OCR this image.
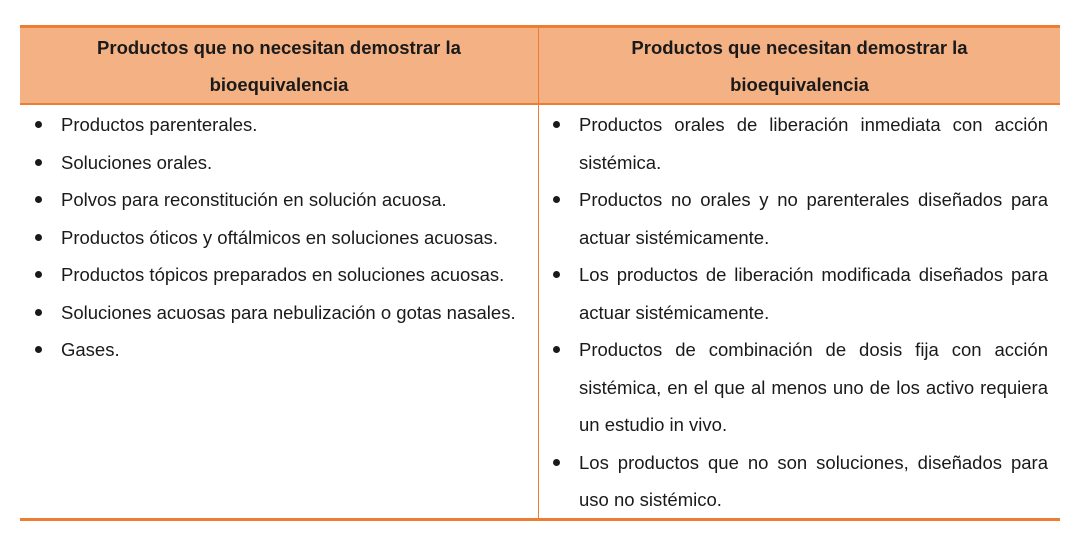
Productos que no necesitan demostrar la bioequivalencia
Productos que necesitan demostrar la bioequivalencia
Productos parenterales.
Soluciones orales.
Polvos para reconstitución en solución acuosa.
Productos óticos y oftálmicos en soluciones acuosas.
Productos tópicos preparados en soluciones acuosas.
Soluciones acuosas para nebulización o gotas nasales.
Gases.
Productos orales de liberación inmediata con acción sistémica.
Productos no orales y no parenterales diseñados para actuar sistémicamente.
Los productos de liberación modificada diseñados para actuar sistémicamente.
Productos de combinación de dosis fija con acción sistémica, en el que al menos uno de los activo requiera un estudio in vivo.
Los productos que no son soluciones, diseñados para uso no sistémico.
